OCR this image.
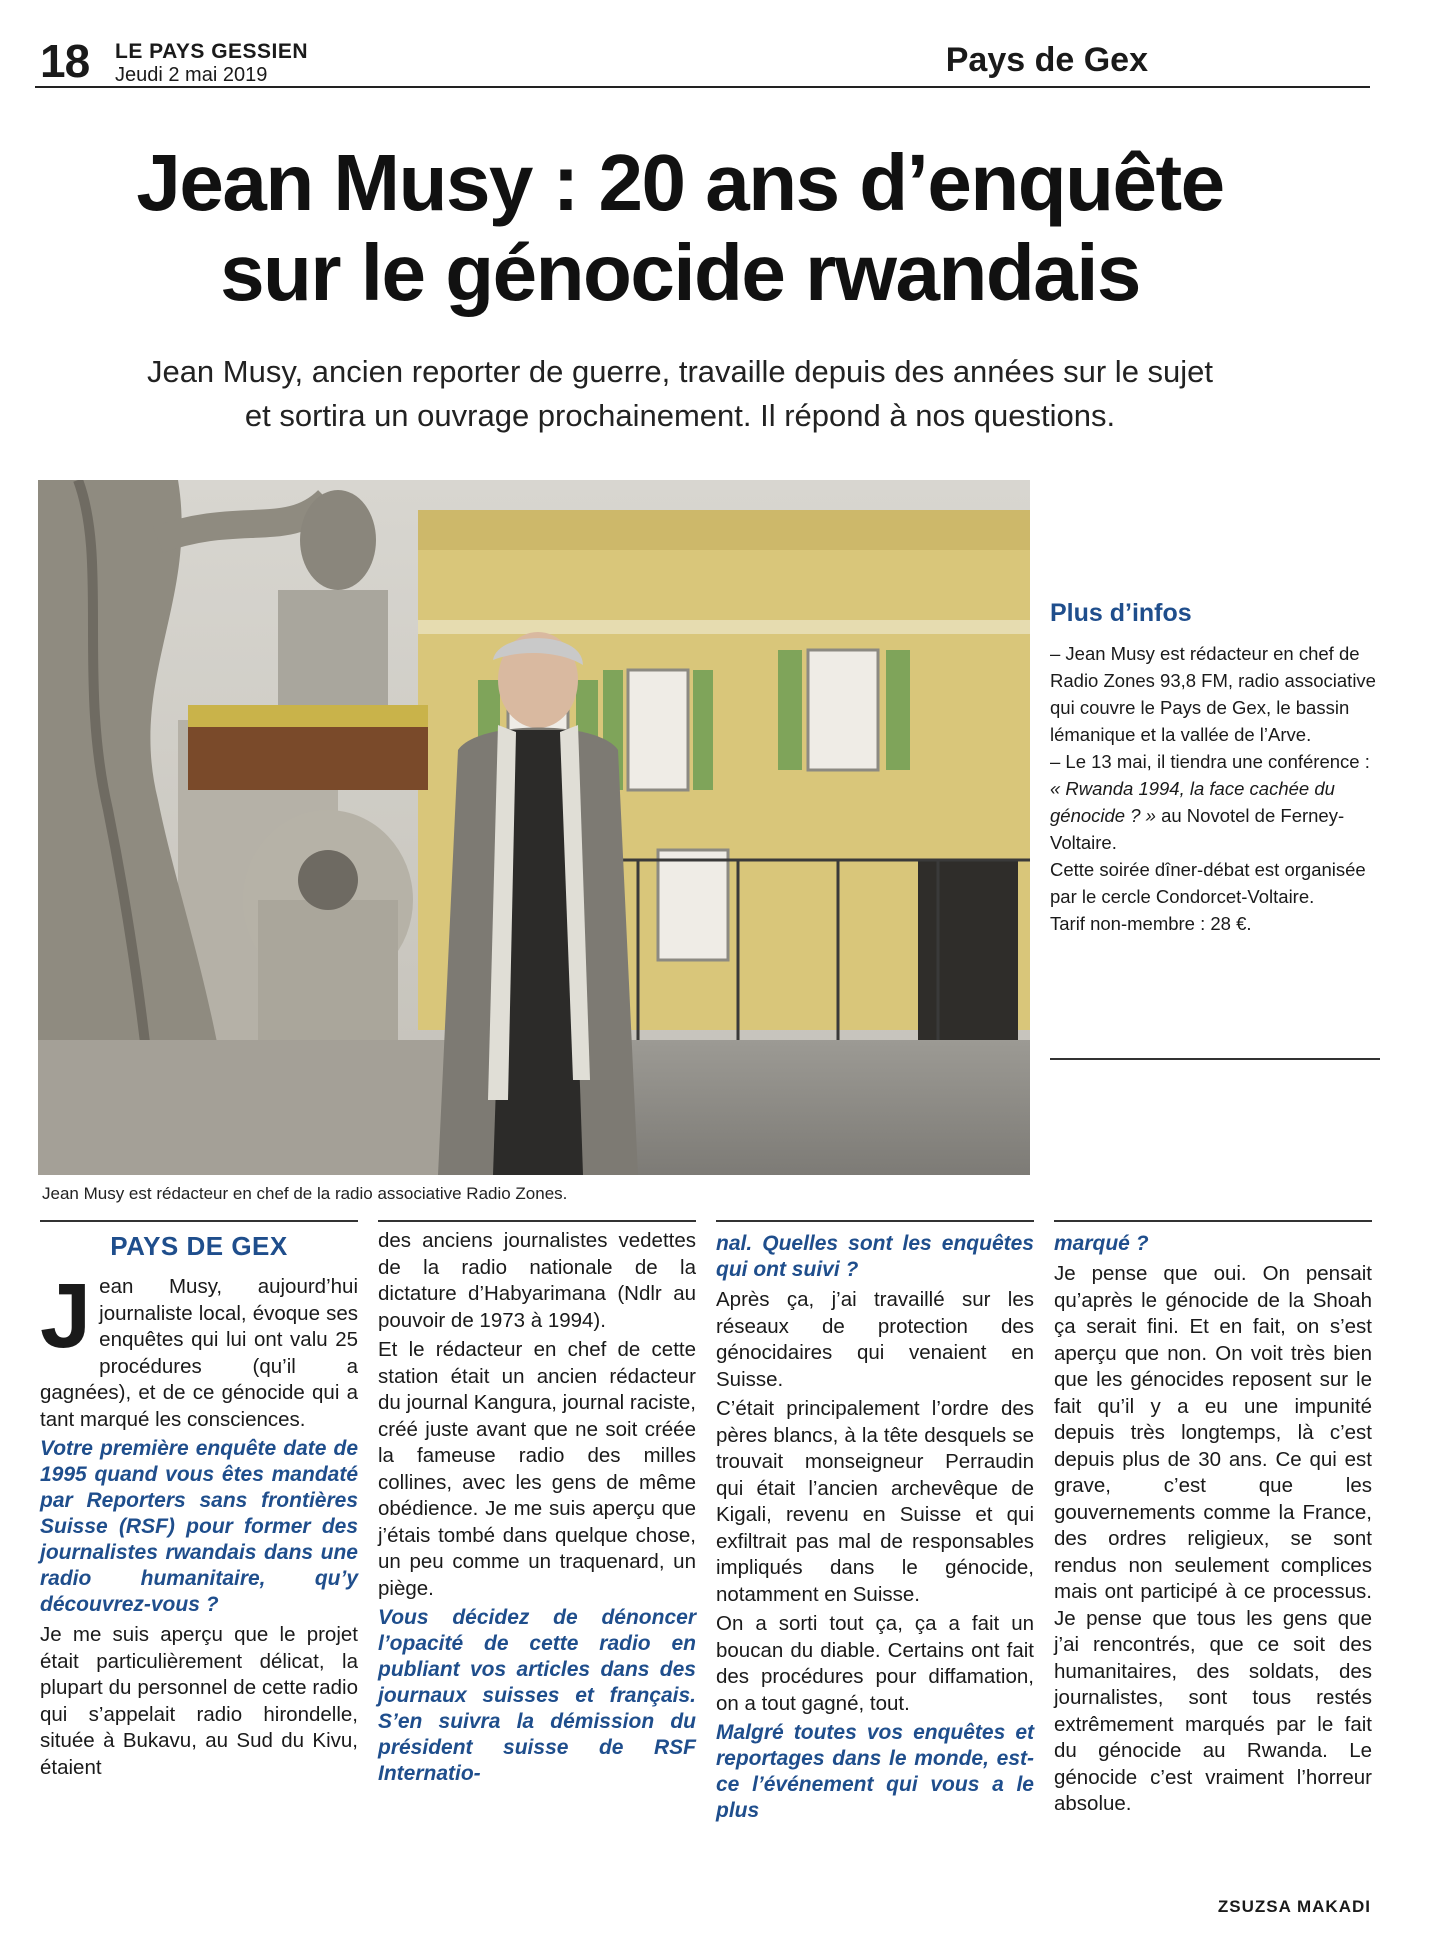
18 LE PAYS GESSIEN
Jeudi 2 mai 2019	Pays de Gex
Jean Musy : 20 ans d’enquête
sur le génocide rwandais
Jean Musy, ancien reporter de guerre, travaille depuis des années sur le sujet
et sortira un ouvrage prochainement. Il répond à nos questions.
Jean Musy est rédacteur en chef de la radio associative Radio Zones.
Plus d’infos

– Jean Musy est rédacteur en chef de Radio Zones 93,8 FM, radio associative qui couvre le Pays de Gex, le bassin lémanique et la vallée de l’Arve.

– Le 13 mai, il tiendra une conférence : « Rwanda 1994, la face cachée du génocide ? » au Novotel de Ferney-Voltaire.

Cette soirée dîner-débat est organisée par le cercle Condorcet-Voltaire.

Tarif non-membre : 28 €.

PAYS DE GEX

Jean Musy, aujourd’hui journaliste local, évoque ses enquêtes qui lui ont valu 25 procédures (qu’il a gagnées), et de ce génocide qui a tant marqué les consciences.

Votre première enquête date de 1995 quand vous êtes mandaté par Reporters sans frontières Suisse (RSF) pour former des journalistes rwandais dans une radio humanitaire, qu’y découvrez-vous ?

Je me suis aperçu que le projet était particulièrement délicat, la plupart du personnel de cette radio qui s’appelait radio hirondelle, située à Bukavu, au Sud du Kivu, étaient

des anciens journalistes vedettes de la radio nationale de la dictature d’Habyarimana (Ndlr au pouvoir de 1973 à 1994).

Et le rédacteur en chef de cette station était un ancien rédacteur du journal Kangura, journal raciste, créé juste avant que ne soit créée la fameuse radio des milles collines, avec les gens de même obédience. Je me suis aperçu que j’étais tombé dans quelque chose, un peu comme un traquenard, un piège.

Vous décidez de dénoncer l’opacité de cette radio en publiant vos articles dans des journaux suisses et français. S’en suivra la démission du président suisse de RSF Internatio-

nal. Quelles sont les enquêtes qui ont suivi ?

Après ça, j’ai travaillé sur les réseaux de protection des génocidaires qui venaient en Suisse.

C’était principalement l’ordre des pères blancs, à la tête desquels se trouvait monseigneur Perraudin qui était l’ancien archevêque de Kigali, revenu en Suisse et qui exfiltrait pas mal de responsables impliqués dans le génocide, notamment en Suisse.

On a sorti tout ça, ça a fait un boucan du diable. Certains ont fait des procédures pour diffamation, on a tout gagné, tout.

Malgré toutes vos enquêtes et reportages dans le monde, est-ce l’événement qui vous a le plus

marqué ?

Je pense que oui. On pensait qu’après le génocide de la Shoah ça serait fini. Et en fait, on s’est aperçu que non. On voit très bien que les génocides reposent sur le fait qu’il y a eu une impunité depuis très longtemps, là c’est depuis plus de 30 ans. Ce qui est grave, c’est que les gouvernements comme la France, des ordres religieux, se sont rendus non seulement complices mais ont participé à ce processus. Je pense que tous les gens que j’ai rencontrés, que ce soit des humanitaires, des soldats, des journalistes, sont tous restés extrêmement marqués par le fait du génocide au Rwanda. Le génocide c’est vraiment l’horreur absolue.

ZSUZSA MAKADI
